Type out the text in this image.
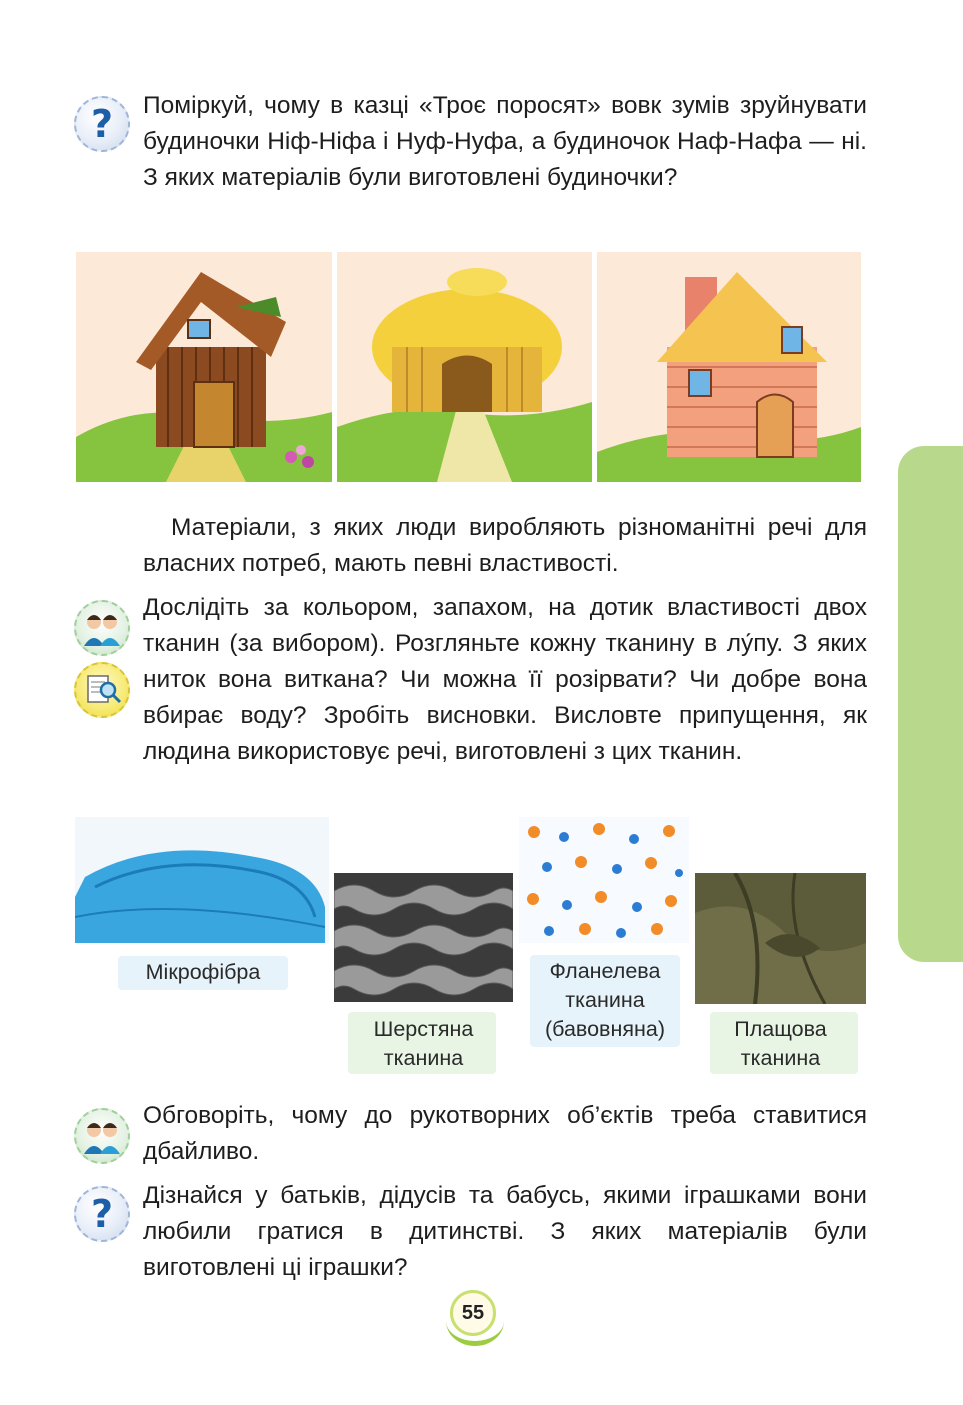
? Поміркуй, чому в казці «Троє поросят» вовк зумів зруйнувати будиночки Ніф-Ніфа і Нуф-Нуфа, а будиночок Наф-Нафа — ні. З яких матеріалів були виготовлені будиночки?

Матеріали, з яких люди виробляють різноманітні речі для власних потреб, мають певні властивості.

Дослідіть за кольором, запахом, на дотик властивості двох тканин (за вибором). Розгляньте кожну тканину в лу́пу. З яких ниток вона виткана? Чи можна її розірвати? Чи добре вона вбирає воду? Зробіть висновки. Висловте припущення, як людина використовує речі, виготовлені з цих тканин.

Мікрофібра
Шерстяна
тканина
Фланелева
тканина
(бавовняна)	Плащова
тканина

Обговоріть, чому до рукотворних об’єктів треба ставитися дбайливо.

? Дізнайся у батьків, дідусів та бабусь, якими іграшками вони любили гратися в дитинстві. З яких матеріалів були виготовлені ці іграшки?

55
